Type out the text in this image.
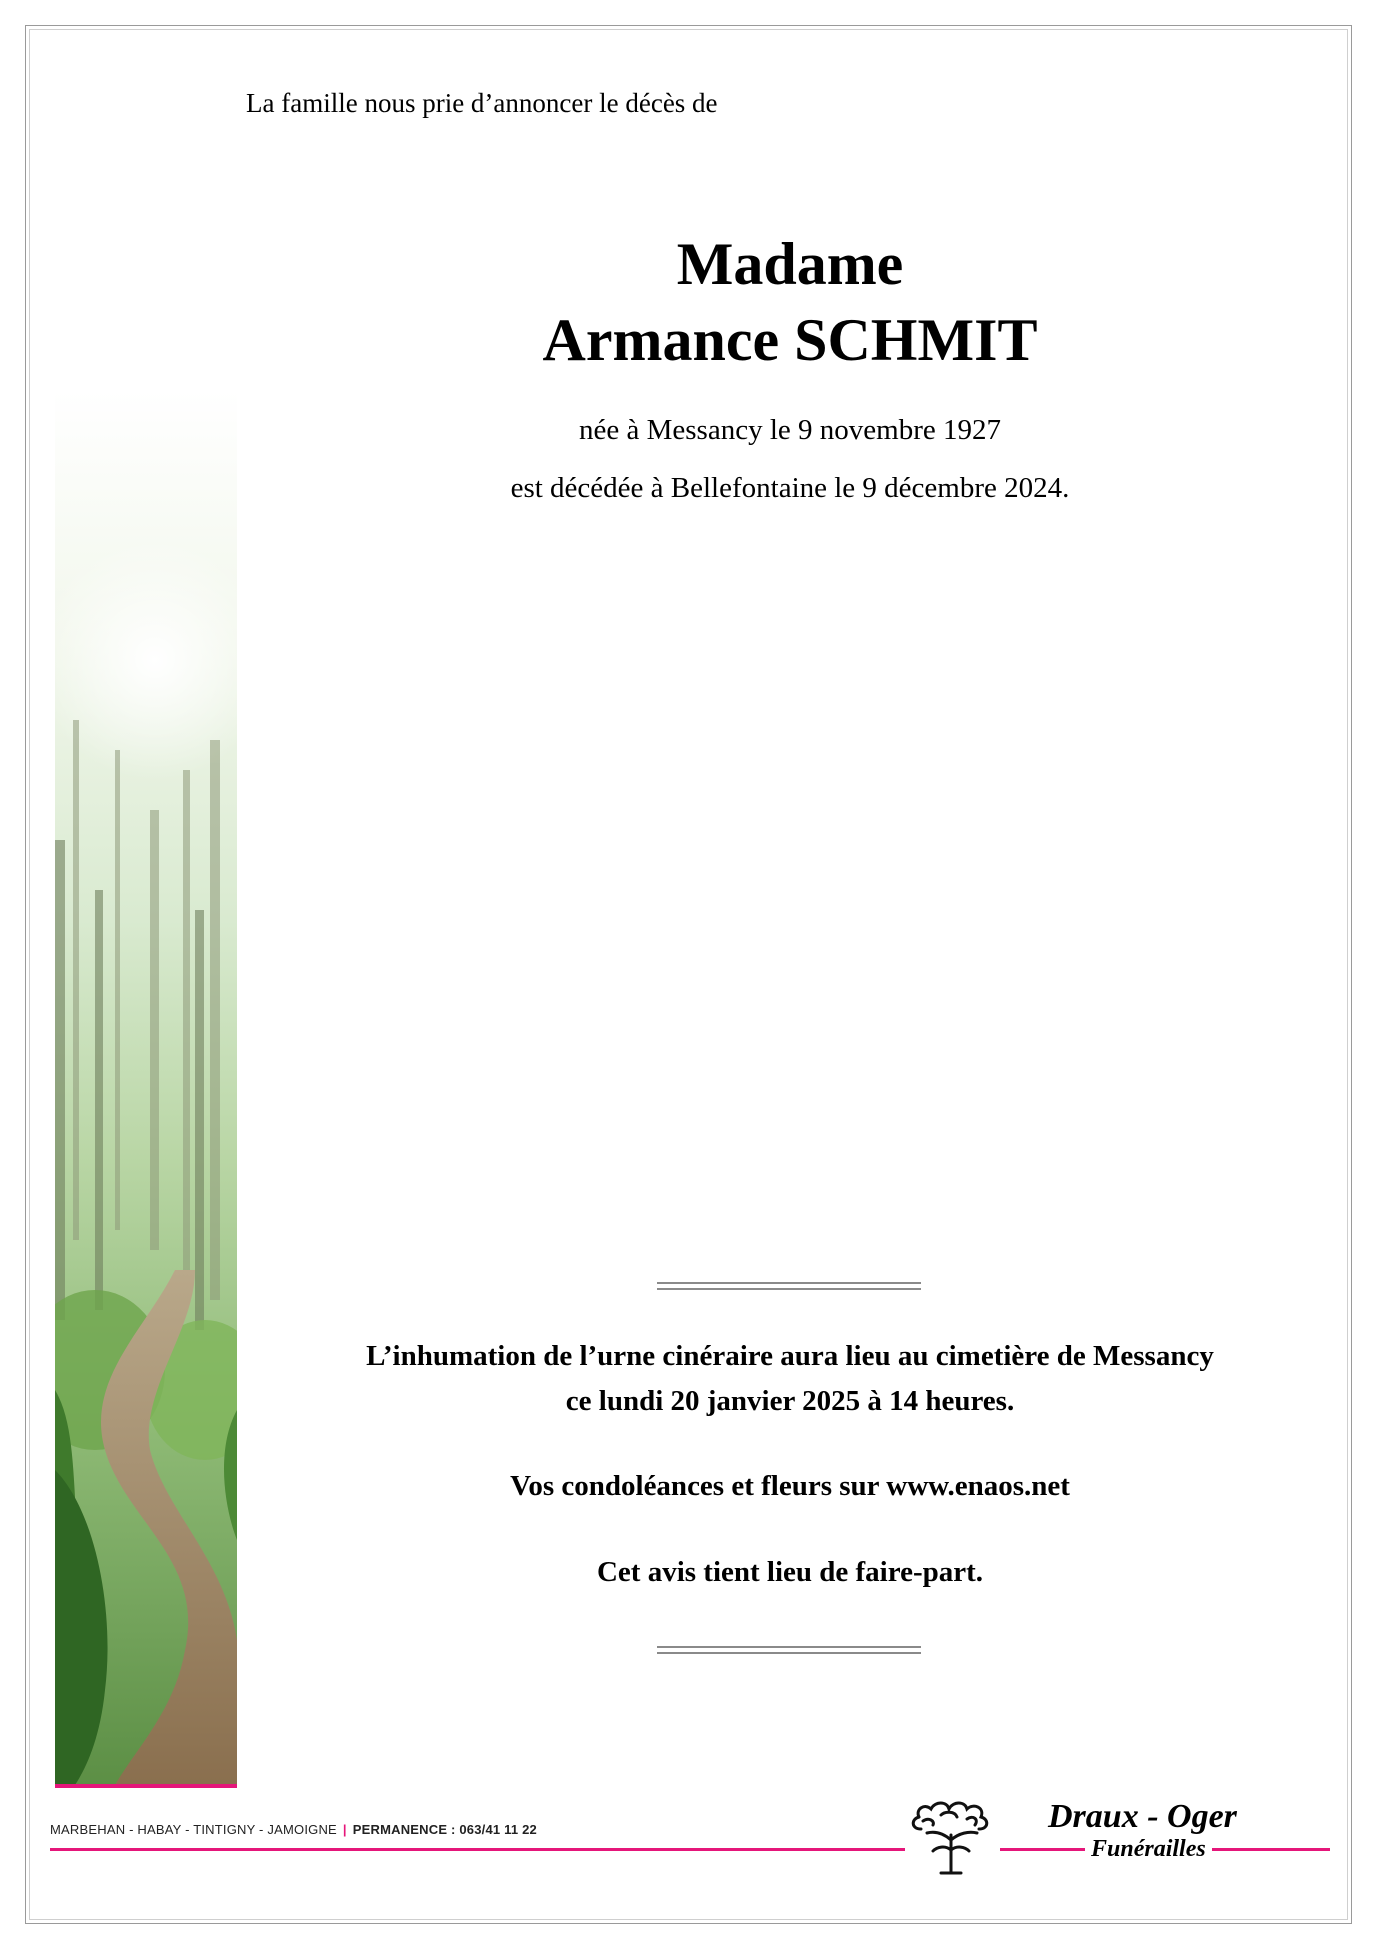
La famille nous prie d’annoncer le décès de
Madame
Armance SCHMIT
née à Messancy le 9 novembre 1927
est décédée à Bellefontaine le 9 décembre 2024.
L’inhumation de l’urne cinéraire aura lieu au cimetière de Messancy
ce lundi 20 janvier 2025 à 14 heures.
Vos condoléances et fleurs sur www.enaos.net
Cet avis tient lieu de faire-part.
MARBEHAN - HABAY - TINTIGNY - JAMOIGNE | PERMANENCE : 063/41 11 22	Draux - Oger
Funérailles
